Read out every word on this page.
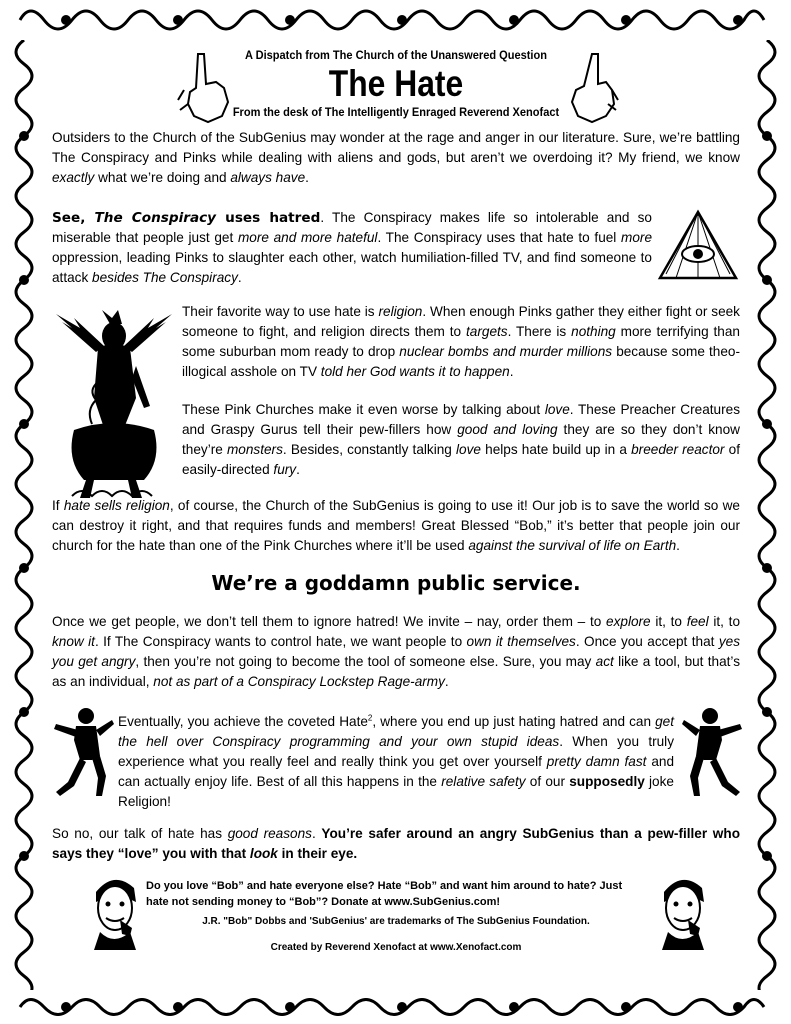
A Dispatch from The Church of the Unanswered Question
The Hate
From the desk of The Intelligently Enraged Reverend Xenofact

Outsiders to the Church of the SubGenius may wonder at the rage and anger in our literature. Sure, we’re battling The Conspiracy and Pinks while dealing with aliens and gods, but aren’t we overdoing it? My friend, we know exactly what we’re doing and always have.

See, The Conspiracy uses hatred. The Conspiracy makes life so intolerable and so miserable that people just get more and more hateful. The Conspiracy uses that hate to fuel more oppression, leading Pinks to slaughter each other, watch humiliation-filled TV, and find someone to attack besides The Conspiracy.

Their favorite way to use hate is religion. When enough Pinks gather they either fight or seek someone to fight, and religion directs them to targets. There is nothing more terrifying than some suburban mom ready to drop nuclear bombs and murder millions because some theo-illogical asshole on TV told her God wants it to happen.

These Pink Churches make it even worse by talking about love. These Preacher Creatures and Graspy Gurus tell their pew-fillers how good and loving they are so they don’t know they’re monsters. Besides, constantly talking love helps hate build up in a breeder reactor of easily-directed fury.

If hate sells religion, of course, the Church of the SubGenius is going to use it! Our job is to save the world so we can destroy it right, and that requires funds and members! Great Blessed “Bob,” it’s better that people join our church for the hate than one of the Pink Churches where it’ll be used against the survival of life on Earth.

We’re a goddamn public service.

Once we get people, we don’t tell them to ignore hatred! We invite – nay, order them – to explore it, to feel it, to know it. If The Conspiracy wants to control hate, we want people to own it themselves. Once you accept that yes you get angry, then you’re not going to become the tool of someone else. Sure, you may act like a tool, but that’s as an individual, not as part of a Conspiracy Lockstep Rage-army.

Eventually, you achieve the coveted Hate$^2$, where you end up just hating hatred and can get the hell over Conspiracy programming and your own stupid ideas. When you truly experience what you really feel and really think you get over yourself pretty damn fast and can actually enjoy life. Best of all this happens in the relative safety of our supposedly joke Religion!

So no, our talk of hate has good reasons. You’re safer around an angry SubGenius than a pew-filler who says they “love” you with that look in their eye.

Do you love “Bob” and hate everyone else? Hate “Bob” and want him around to hate? Just hate not sending money to “Bob”? Donate at www.SubGenius.com!
J.R. "Bob" Dobbs and 'SubGenius' are trademarks of The SubGenius Foundation.
Created by Reverend Xenofact at www.Xenofact.com
